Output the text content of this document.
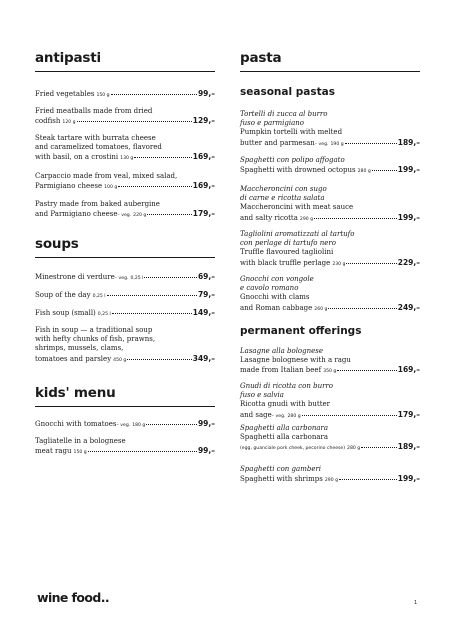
antipasti
Fried vegetables 150 g	99,–
Fried meatballs made from dried
codfish 120 g	129,–
Steak tartare with burrata cheese
and caramelized tomatoes, flavored
with basil, on a crostini 130 g	169,–
Carpaccio made from veal, mixed salad,
Parmigiano cheese 100 g	169,–
Pastry made from baked aubergine
and Parmigiano cheese – veg. 220 g	179,–
soups
Minestrone di verdure – veg. 0,25 l	69,–
Soup of the day 0,25 l	79,–
Fish soup (small) 0,25 l	149,–
Fish in soup — a traditional soup
with hefty chunks of fish, prawns,
shrimps, mussels, clams,
tomatoes and parsley 450 g	349,–
kids' menu
Gnocchi with tomatoes – veg. 180 g	99,–
Tagliatelle in a bolognese
meat ragu 150 g	99,–
pasta
seasonal pastas
Tortelli di zucca al burro
fuso e parmigiano
Pumpkin tortelli with melted
butter and parmesan – veg. 190 g	189,–
Spaghetti con polipo affogato
Spaghetti with drowned octopus 280 g	199,–
Maccheroncini con sugo
di carne e ricotta salata
Maccheroncini with meat sauce
and salty ricotta 290 g	199,–
Tagliolini aromatizzati al tartufo
con perlage di tartufo nero
Truffle flavoured tagliolini
with black truffle perlage 230 g	229,–
Gnocchi con vongole
e cavolo romano
Gnocchi with clams
and Roman cabbage 260 g	249,–
permanent offerings
Lasagne alla bolognese
Lasagne bolognese with a ragu
made from Italian beef 350 g	169,–
Gnudi di ricotta con burro
fuso e salvia
Ricotta gnudi with butter
and sage – veg. 280 g	179,–
Spaghetti alla carbonara
Spaghetti alla carbonara
(egg, guanciale pork cheek, pecorino cheese) 280 g	189,–
Spaghetti con gamberi
Spaghetti with shrimps 290 g	199,–
wine food..	1
